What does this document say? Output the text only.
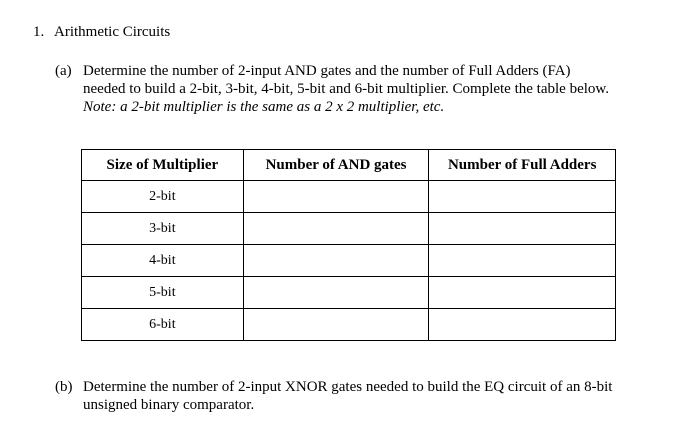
1. Arithmetic Circuits
(a) Determine the number of 2-input AND gates and the number of Full Adders (FA)
needed to build a 2-bit, 3-bit, 4-bit, 5-bit and 6-bit multiplier. Complete the table below.
Note: a 2-bit multiplier is the same as a 2 x 2 multiplier, etc.
Size of Multiplier	Number of AND gates	Number of Full Adders
2-bit		
3-bit		
4-bit		
5-bit		
6-bit		
(b) Determine the number of 2-input XNOR gates needed to build the EQ circuit of an 8-bit
unsigned binary comparator.
